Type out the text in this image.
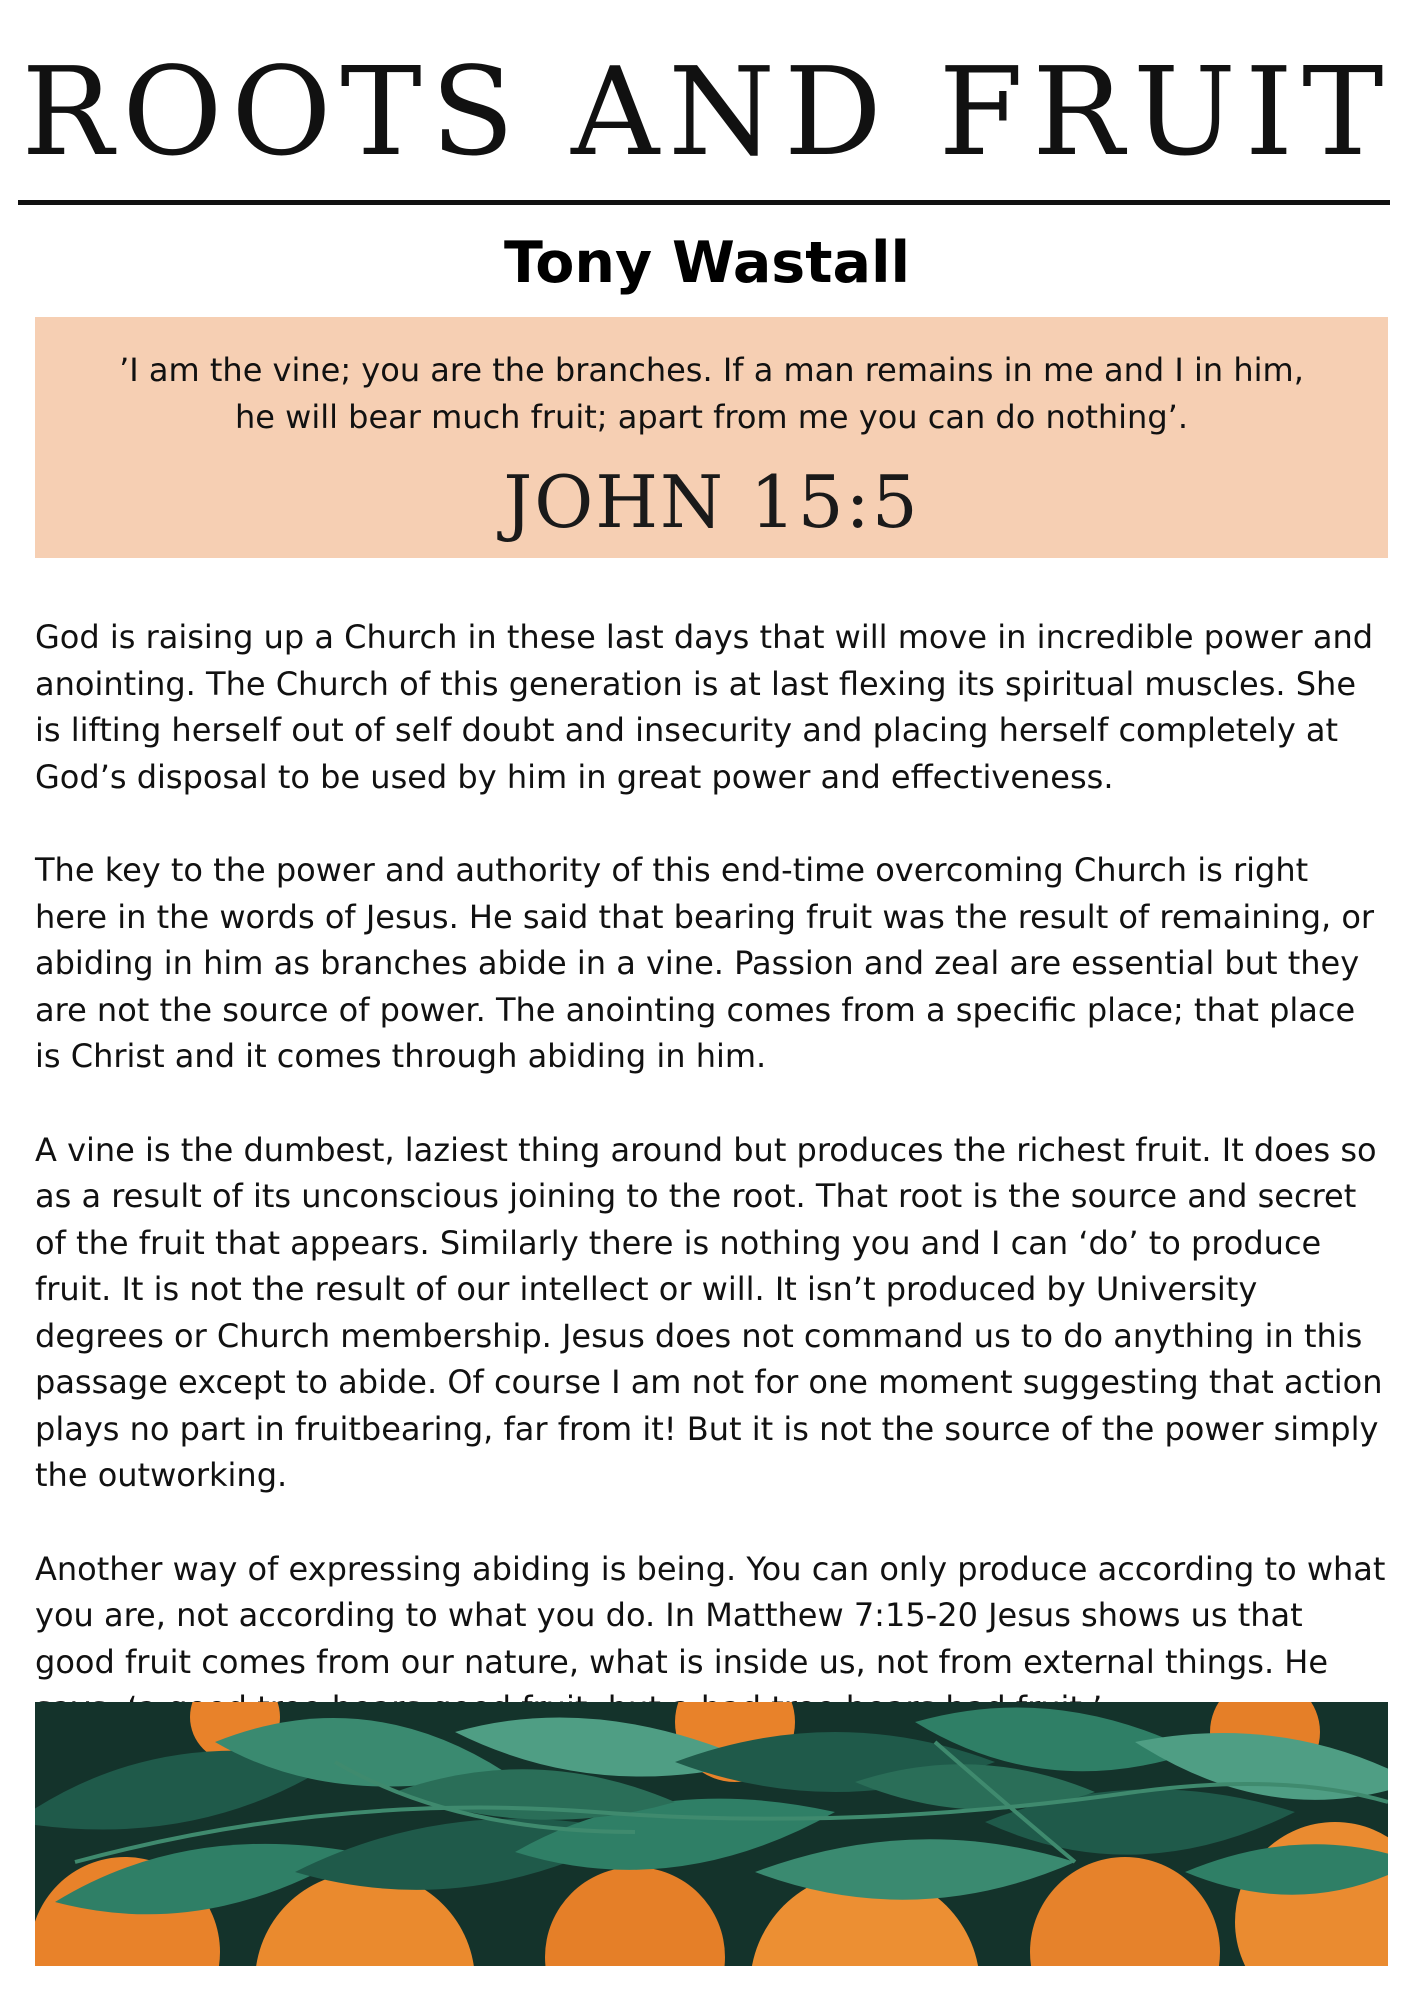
ROOTS AND FRUIT
Tony Wastall
’I am the vine; you are the branches. If a man remains in me and I in him, he will bear much fruit; apart from me you can do nothing’.
JOHN 15:5

God is raising up a Church in these last days that will move in incredible power and anointing. The Church of this generation is at last flexing its spiritual muscles. She is lifting herself out of self doubt and insecurity and placing herself completely at God’s disposal to be used by him in great power and effectiveness.

The key to the power and authority of this end-time overcoming Church is right here in the words of Jesus. He said that bearing fruit was the result of remaining, or abiding in him as branches abide in a vine. Passion and zeal are essential but they are not the source of power. The anointing comes from a specific place; that place is Christ and it comes through abiding in him.

A vine is the dumbest, laziest thing around but produces the richest fruit. It does so as a result of its unconscious joining to the root. That root is the source and secret of the fruit that appears. Similarly there is nothing you and I can ‘do’ to produce fruit. It is not the result of our intellect or will. It isn’t produced by University degrees or Church membership. Jesus does not command us to do anything in this passage except to abide. Of course I am not for one moment suggesting that action plays no part in fruitbearing, far from it! But it is not the source of the power simply the outworking.

Another way of expressing abiding is being. You can only produce according to what you are, not according to what you do. In Matthew 7:15-20 Jesus shows us that good fruit comes from our nature, what is inside us, not from external things. He
